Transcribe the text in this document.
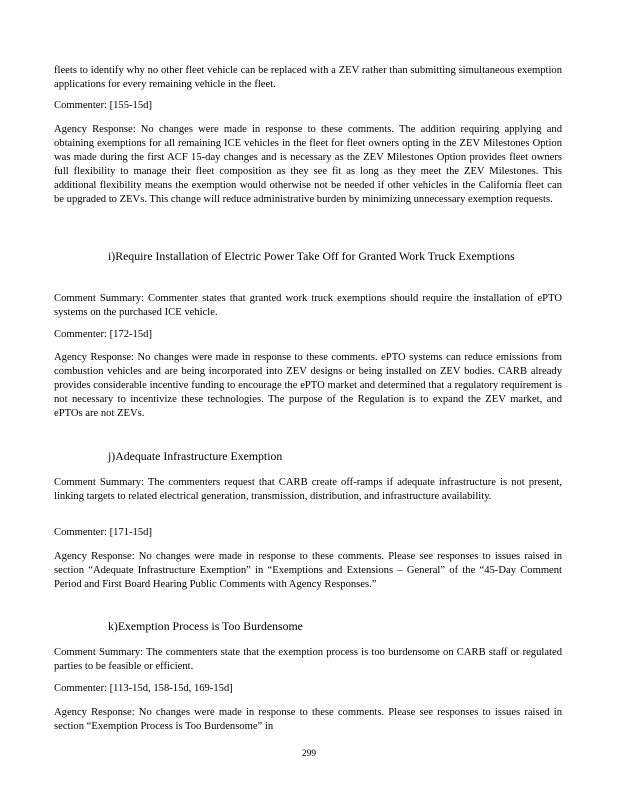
fleets to identify why no other fleet vehicle can be replaced with a ZEV rather than submitting simultaneous exemption applications for every remaining vehicle in the fleet.

Commenter: [155-15d]

Agency Response: No changes were made in response to these comments. The addition requiring applying and obtaining exemptions for all remaining ICE vehicles in the fleet for fleet owners opting in the ZEV Milestones Option was made during the first ACF 15-day changes and is necessary as the ZEV Milestones Option provides fleet owners full flexibility to manage their fleet composition as they see fit as long as they meet the ZEV Milestones. This additional flexibility means the exemption would otherwise not be needed if other vehicles in the California fleet can be upgraded to ZEVs. This change will reduce administrative burden by minimizing unnecessary exemption requests.

i)Require Installation of Electric Power Take Off for Granted Work Truck Exemptions

Comment Summary: Commenter states that granted work truck exemptions should require the installation of ePTO systems on the purchased ICE vehicle.

Commenter: [172-15d]

Agency Response: No changes were made in response to these comments. ePTO systems can reduce emissions from combustion vehicles and are being incorporated into ZEV designs or being installed on ZEV bodies. CARB already provides considerable incentive funding to encourage the ePTO market and determined that a regulatory requirement is not necessary to incentivize these technologies. The purpose of the Regulation is to expand the ZEV market, and ePTOs are not ZEVs.

j)Adequate Infrastructure Exemption

Comment Summary: The commenters request that CARB create off-ramps if adequate infrastructure is not present, linking targets to related electrical generation, transmission, distribution, and infrastructure availability.

Commenter: [171-15d]

Agency Response: No changes were made in response to these comments. Please see responses to issues raised in section “Adequate Infrastructure Exemption” in “Exemptions and Extensions – General” of the “45-Day Comment Period and First Board Hearing Public Comments with Agency Responses.”

k)Exemption Process is Too Burdensome

Comment Summary: The commenters state that the exemption process is too burdensome on CARB staff or regulated parties to be feasible or efficient.

Commenter: [113-15d, 158-15d, 169-15d]

Agency Response: No changes were made in response to these comments. Please see responses to issues raised in section “Exemption Process is Too Burdensome” in

299
